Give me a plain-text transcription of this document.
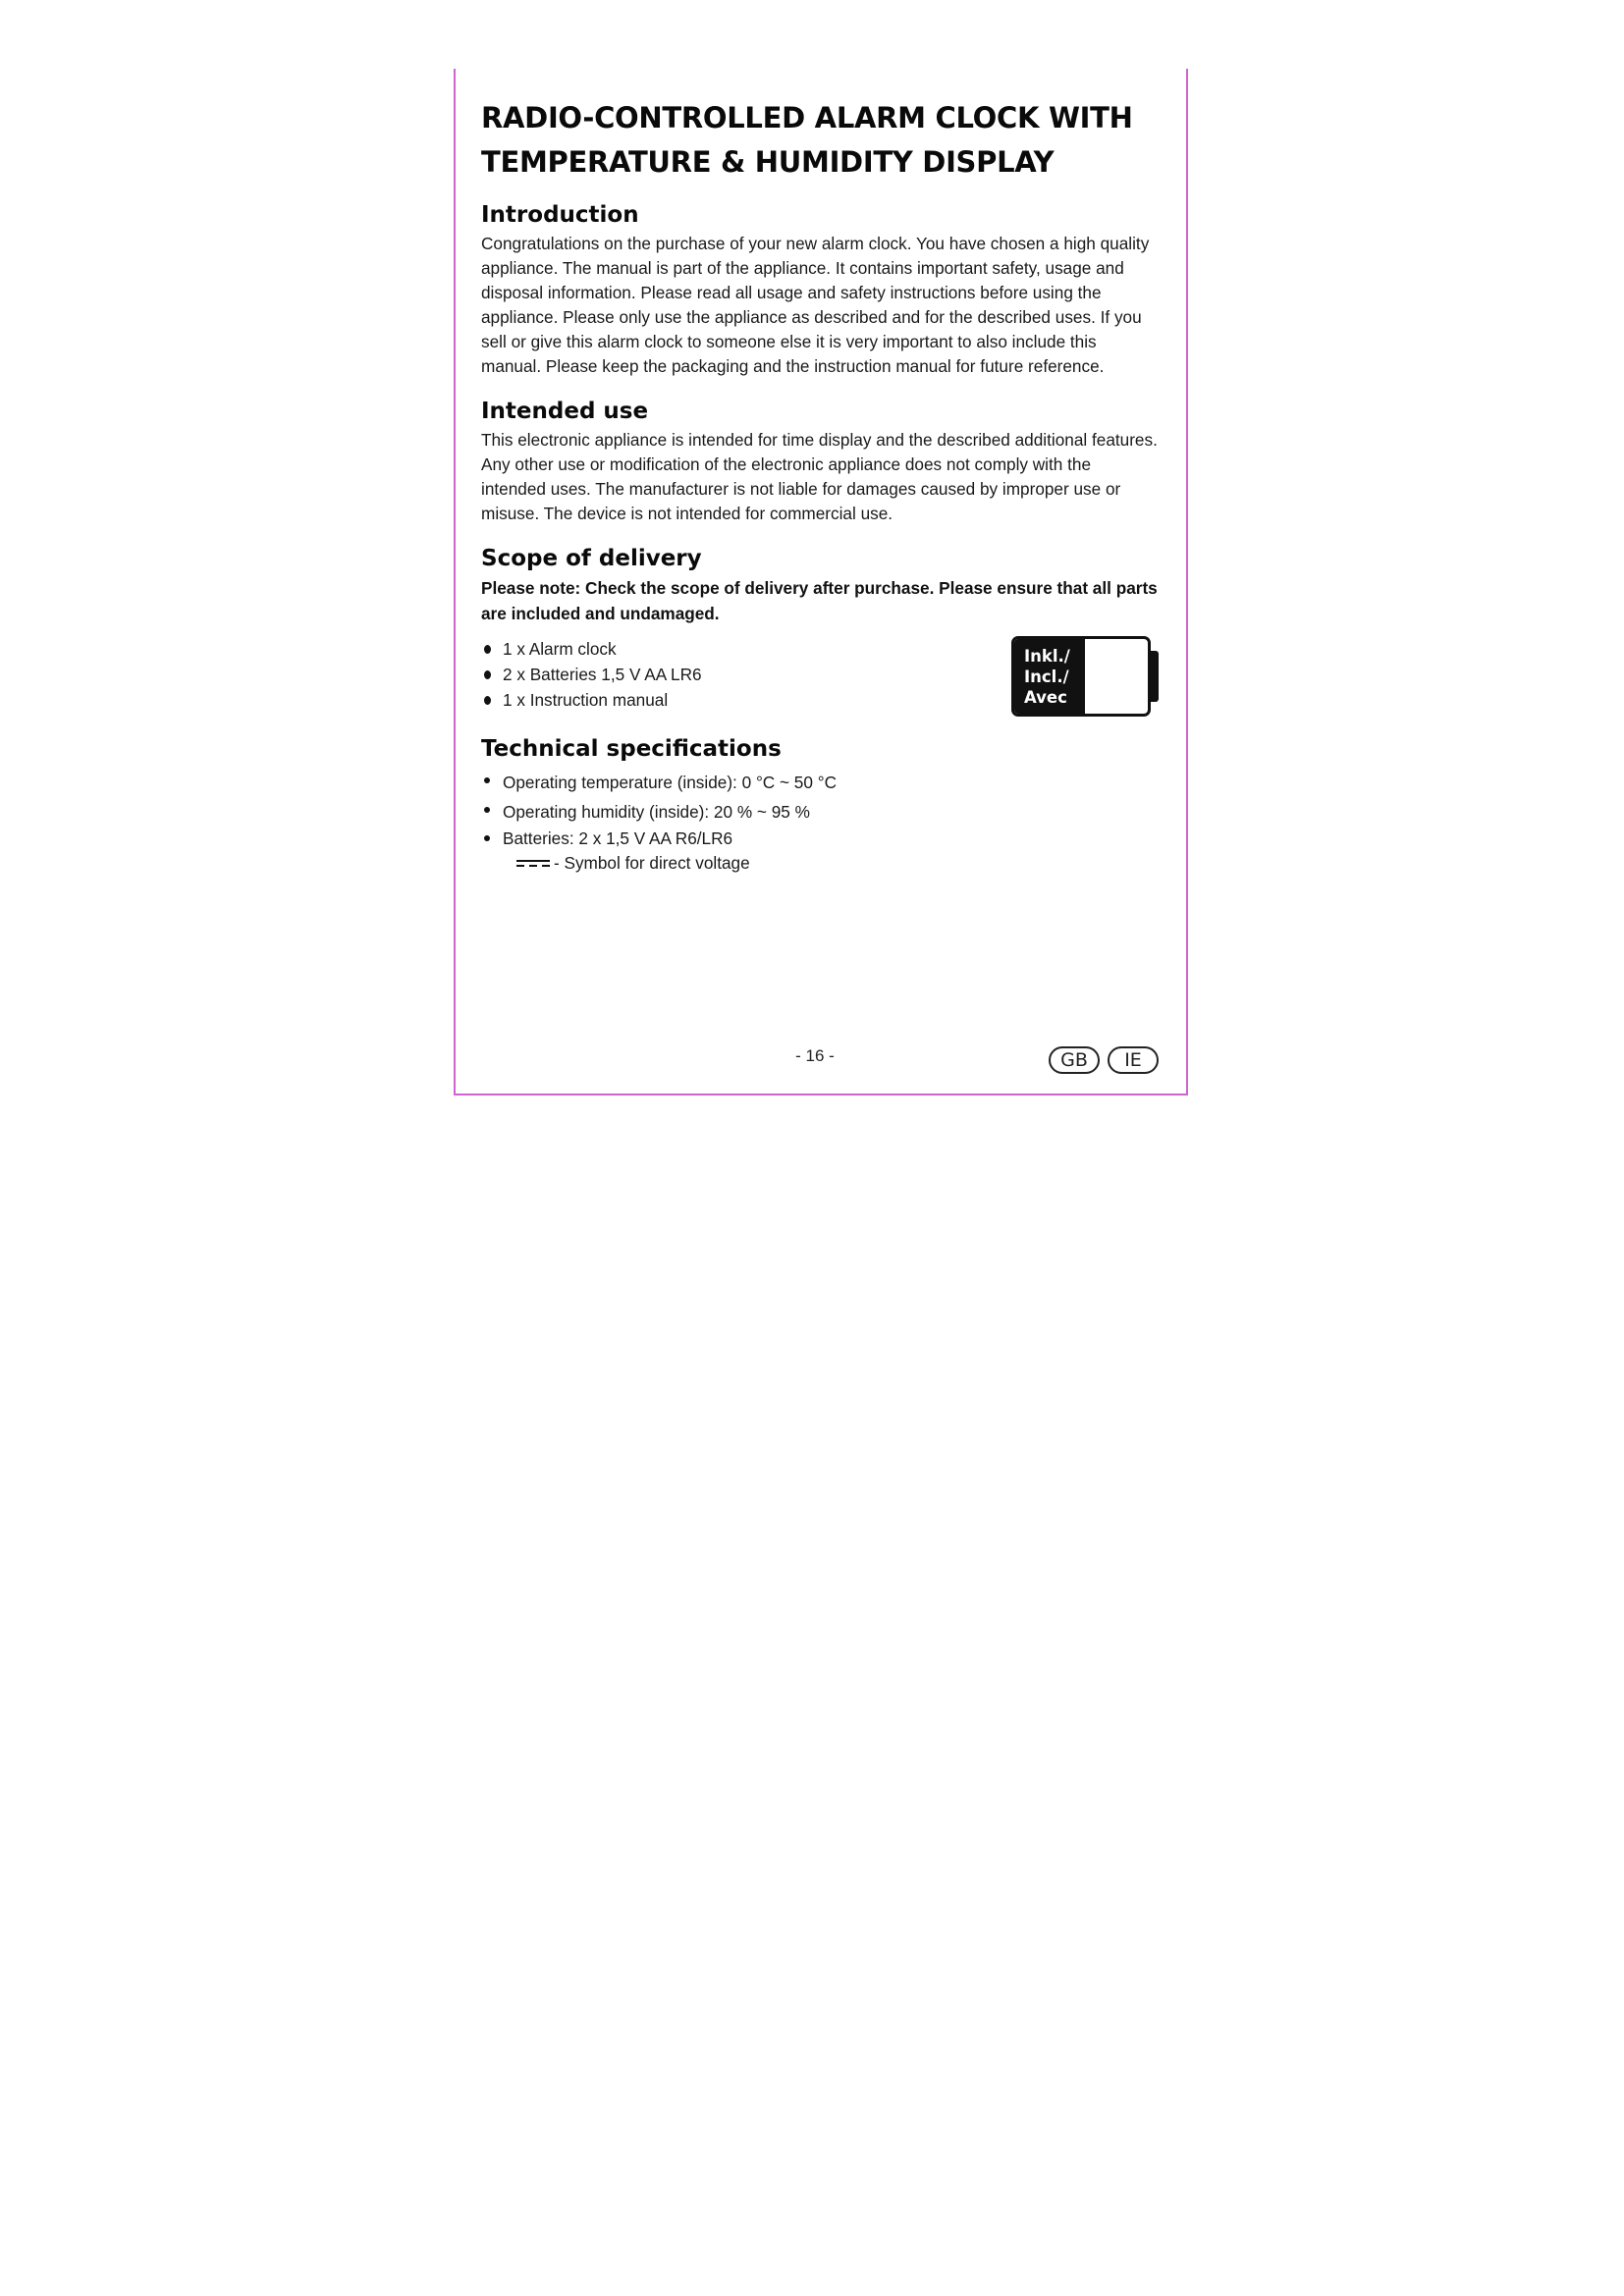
RADIO-CONTROLLED ALARM CLOCK WITH TEMPERATURE & HUMIDITY DISPLAY
Introduction

Congratulations on the purchase of your new alarm clock. You have chosen a high quality appliance. The manual is part of the appliance. It contains important safety, usage and disposal information. Please read all usage and safety instructions before using the appliance. Please only use the appliance as described and for the described uses. If you sell or give this alarm clock to someone else it is very important to also include this manual. Please keep the packaging and the instruction manual for future reference.

Intended use

This electronic appliance is intended for time display and the described additional features. Any other use or modification of the electronic appliance does not comply with the intended uses. The manufacturer is not liable for damages caused by improper use or misuse. The device is not intended for commercial use.

Scope of delivery

Please note: Check the scope of delivery after purchase. Please ensure that all parts are included and undamaged.

1 x Alarm clock
2 x Batteries 1,5 V AA LR6
1 x Instruction manual
Inkl./
Incl./
Avec
Technical specifications
Operating temperature (inside): 0 °C ~ 50 °C
Operating humidity (inside): 20 % ~ 95 %
Batteries: 2 x 1,5 V AA R6/LR6
- Symbol for direct voltage
- 16 -	GB	IE
